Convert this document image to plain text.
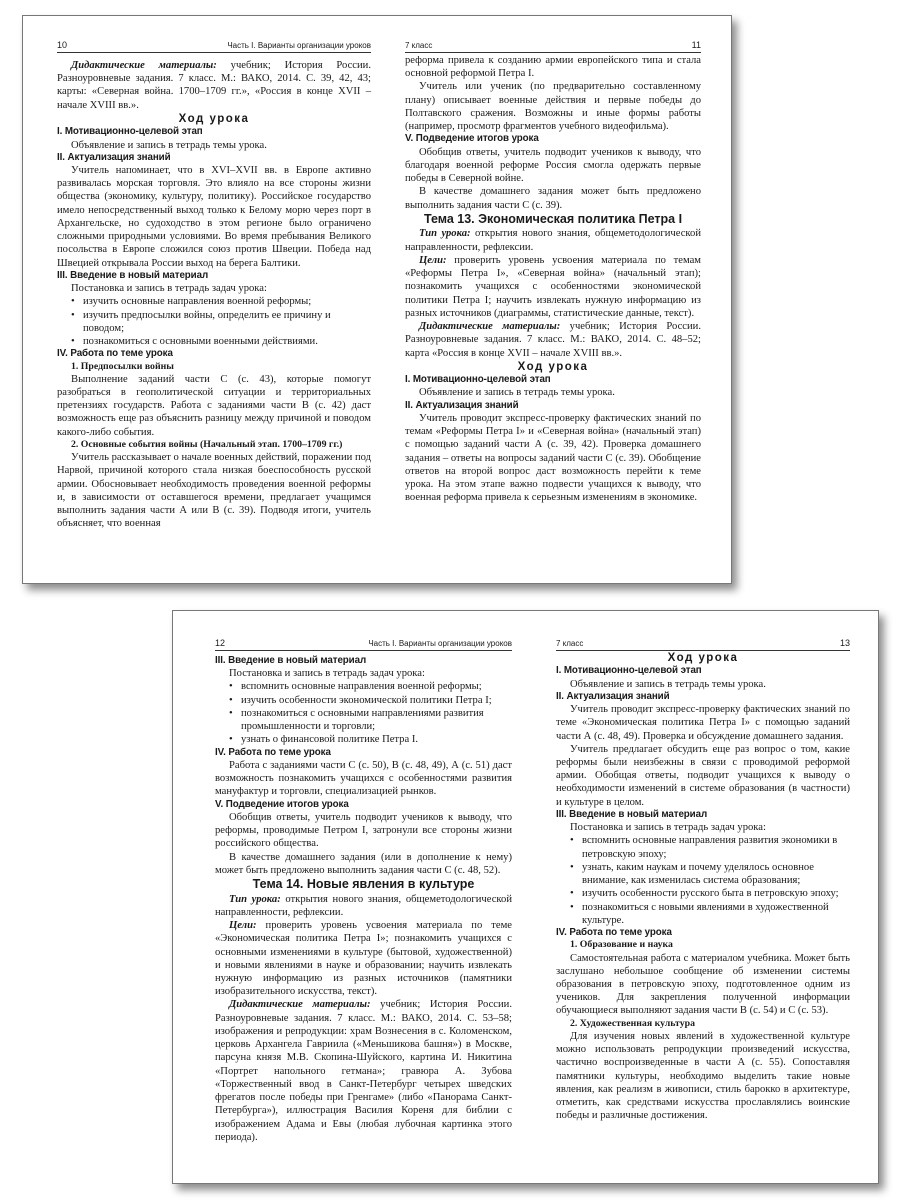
10	Часть I. Варианты организации уроков

Дидактические материалы: учебник; История России. Разноуровневые задания. 7 класс. М.: ВАКО, 2014. С. 39, 42, 43; карты: «Северная война. 1700–1709 гг.», «Россия в конце XVII – начале XVIII вв.».

Ход урока

I. Мотивационно-целевой этап

Объявление и запись в тетрадь темы урока.

II. Актуализация знаний

Учитель напоминает, что в XVI–XVII вв. в Европе активно развивалась морская торговля. Это влияло на все стороны жизни общества (экономику, культуру, политику). Российское государство имело непосредственный выход только к Белому морю через порт в Архангельске, но судоходство в этом регионе было ограничено сложными природными условиями. Во время пребывания Великого посольства в Европе сложился союз против Швеции. Победа над Швецией открывала России выход на берега Балтики.

III. Введение в новый материал

Постановка и запись в тетрадь задач урока:

• изучить основные направления военной реформы;
• изучить предпосылки войны, определить ее причину и поводом;
• познакомиться с основными военными действиями.

IV. Работа по теме урока

1. Предпосылки войны

Выполнение заданий части С (с. 43), которые помогут разобраться в геополитической ситуации и территориальных претензиях государств. Работа с заданиями части В (с. 42) даст возможность еще раз объяснить разницу между причиной и поводом какого-либо события.

2. Основные события войны (Начальный этап. 1700–1709 гг.)

Учитель рассказывает о начале военных действий, поражении под Нарвой, причиной которого стала низкая боеспособность русской армии. Обосновывает необходимость проведения военной реформы и, в зависимости от оставшегося времени, предлагает учащимся выполнить задания части А или В (с. 39). Подводя итоги, учитель объясняет, что военная

7 класс	11

реформа привела к созданию армии европейского типа и стала основной реформой Петра I.

Учитель или ученик (по предварительно составленному плану) описывает военные действия и первые победы до Полтавского сражения. Возможны и иные формы работы (например, просмотр фрагментов учебного видеофильма).

V. Подведение итогов урока

Обобщив ответы, учитель подводит учеников к выводу, что благодаря военной реформе Россия смогла одержать первые победы в Северной войне.

В качестве домашнего задания может быть предложено выполнить задания части С (с. 39).

Тема 13. Экономическая политика Петра I

Тип урока: открытия нового знания, общеметодологической направленности, рефлексии.

Цели: проверить уровень усвоения материала по темам «Реформы Петра I», «Северная война» (начальный этап); познакомить учащихся с особенностями экономической политики Петра I; научить извлекать нужную информацию из разных источников (диаграммы, статистические данные, текст).

Дидактические материалы: учебник; История России. Разноуровневые задания. 7 класс. М.: ВАКО, 2014. С. 48–52; карта «Россия в конце XVII – начале XVIII вв.».

Ход урока

I. Мотивационно-целевой этап

Объявление и запись в тетрадь темы урока.

II. Актуализация знаний

Учитель проводит экспресс-проверку фактических знаний по темам «Реформы Петра I» и «Северная война» (начальный этап) с помощью заданий части А (с. 39, 42). Проверка домашнего задания – ответы на вопросы заданий части С (с. 39). Обобщение ответов на второй вопрос даст возможность перейти к теме урока. На этом этапе важно подвести учащихся к выводу, что военная реформа привела к серьезным изменениям в экономике.

12	Часть I. Варианты организации уроков

III. Введение в новый материал

Постановка и запись в тетрадь задач урока:

• вспомнить основные направления военной реформы;
• изучить особенности экономической политики Петра I;
• познакомиться с основными направлениями развития промышленности и торговли;
• узнать о финансовой политике Петра I.

IV. Работа по теме урока

Работа с заданиями части С (с. 50), В (с. 48, 49), А (с. 51) даст возможность познакомить учащихся с особенностями развития мануфактур и торговли, специализацией рынков.

V. Подведение итогов урока

Обобщив ответы, учитель подводит учеников к выводу, что реформы, проводимые Петром I, затронули все стороны жизни российского общества.

В качестве домашнего задания (или в дополнение к нему) может быть предложено выполнить задания части С (с. 48, 52).

Тема 14. Новые явления в культуре

Тип урока: открытия нового знания, общеметодологической направленности, рефлексии.

Цели: проверить уровень усвоения материала по теме «Экономическая политика Петра I»; познакомить учащихся с основными изменениями в культуре (бытовой, художественной) и новыми явлениями в науке и образовании; научить извлекать нужную информацию из разных источников (памятники изобразительного искусства, текст).

Дидактические материалы: учебник; История России. Разноуровневые задания. 7 класс. М.: ВАКО, 2014. С. 53–58; изображения и репродукции: храм Вознесения в с. Коломенском, церковь Архангела Гавриила («Меньшикова башня») в Москве, парсуна князя М.В. Скопина-Шуйского, картина И. Никитина «Портрет напольного гетмана»; гравюра А. Зубова «Торжественный ввод в Санкт-Петербург четырех шведских фрегатов после победы при Гренгаме» (либо «Панорама Санкт-Петербурга»), иллюстрация Василия Кореня для библии с изображением Адама и Евы (любая лубочная картинка этого периода).

7 класс	13

Ход урока

I. Мотивационно-целевой этап

Объявление и запись в тетрадь темы урока.

II. Актуализация знаний

Учитель проводит экспресс-проверку фактических знаний по теме «Экономическая политика Петра I» с помощью заданий части А (с. 48, 49). Проверка и обсуждение домашнего задания.

Учитель предлагает обсудить еще раз вопрос о том, какие реформы были неизбежны в связи с проводимой реформой армии. Обобщая ответы, подводит учащихся к выводу о необходимости изменений в системе образования (в частности) и культуре в целом.

III. Введение в новый материал

Постановка и запись в тетрадь задач урока:

• вспомнить основные направления развития экономики в петровскую эпоху;
• узнать, каким наукам и почему уделялось основное внимание, как изменилась система образования;
• изучить особенности русского быта в петровскую эпоху;
• познакомиться с новыми явлениями в художественной культуре.

IV. Работа по теме урока

1. Образование и наука

Самостоятельная работа с материалом учебника. Может быть заслушано небольшое сообщение об изменении системы образования в петровскую эпоху, подготовленное одним из учеников. Для закрепления полученной информации обучающиеся выполняют задания части В (с. 54) и С (с. 53).

2. Художественная культура

Для изучения новых явлений в художественной культуре можно использовать репродукции произведений искусства, частично воспроизведенные в части А (с. 55). Сопоставляя памятники культуры, необходимо выделить такие новые явления, как реализм в живописи, стиль барокко в архитектуре, отметить, как средствами искусства прославлялись воинские победы и различные достижения.
